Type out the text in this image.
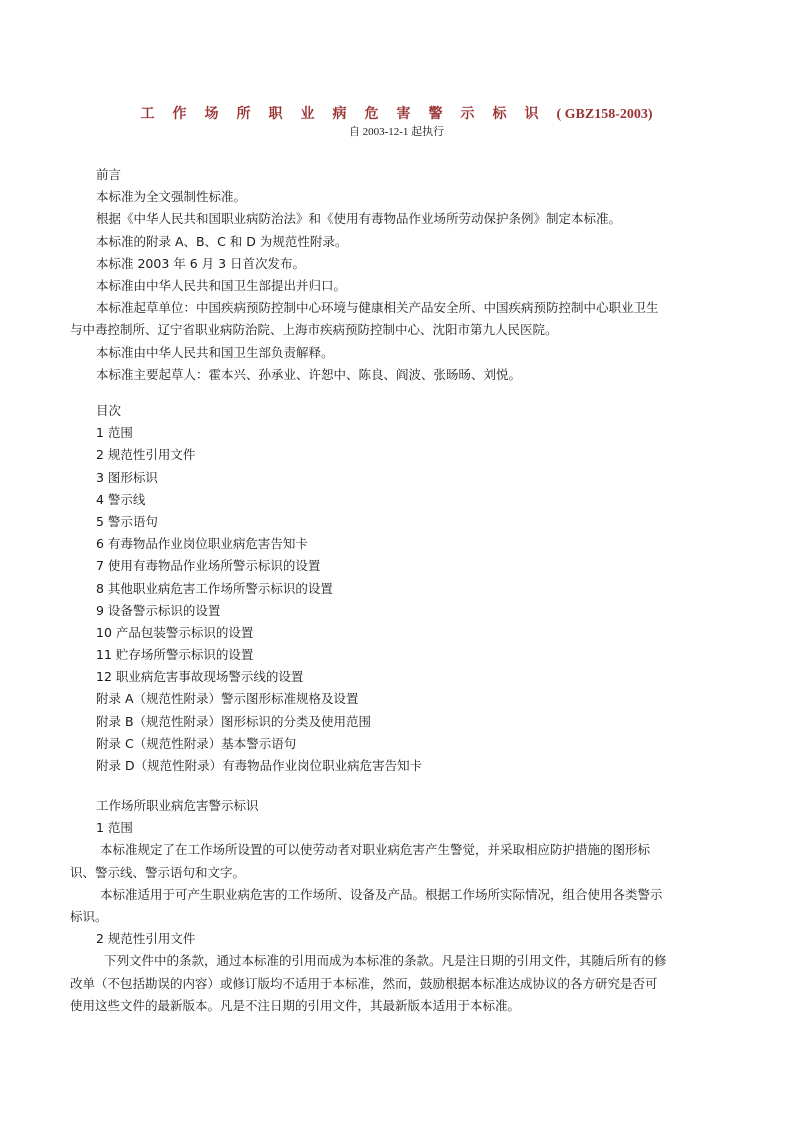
工 作 场 所 职 业 病 危 害 警 示 标 识 ( GBZ158-2003)
自 2003-12-1 起执行
前言
本标准为全文强制性标准。
根据《中华人民共和国职业病防治法》和《使用有毒物品作业场所劳动保护条例》制定本标准。
本标准的附录 A、B、C 和 D 为规范性附录。
本标准 2003 年 6 月 3 日首次发布。
本标准由中华人民共和国卫生部提出并归口。
本标准起草单位：中国疾病预防控制中心环境与健康相关产品安全所、中国疾病预防控制中心职业卫生
与中毒控制所、辽宁省职业病防治院、上海市疾病预防控制中心、沈阳市第九人民医院。
本标准由中华人民共和国卫生部负责解释。
本标准主要起草人：霍本兴、孙承业、许恕中、陈良、阎波、张旸旸、刘悦。
目次
1 范围
2 规范性引用文件
3 图形标识
4 警示线
5 警示语句
6 有毒物品作业岗位职业病危害告知卡
7 使用有毒物品作业场所警示标识的设置
8 其他职业病危害工作场所警示标识的设置
9 设备警示标识的设置
10 产品包装警示标识的设置
11 贮存场所警示标识的设置
12 职业病危害事故现场警示线的设置
附录 A（规范性附录）警示图形标准规格及设置
附录 B（规范性附录）图形标识的分类及使用范围
附录 C（规范性附录）基本警示语句
附录 D（规范性附录）有毒物品作业岗位职业病危害告知卡
工作场所职业病危害警示标识
1 范围
本标准规定了在工作场所设置的可以使劳动者对职业病危害产生警觉，并采取相应防护措施的图形标
识、警示线、警示语句和文字。
本标准适用于可产生职业病危害的工作场所、设备及产品。根据工作场所实际情况，组合使用各类警示
标识。
2 规范性引用文件
下列文件中的条款，通过本标准的引用而成为本标准的条款。凡是注日期的引用文件，其随后所有的修
改单（不包括勘误的内容）或修订版均不适用于本标准，然而，鼓励根据本标准达成协议的各方研究是否可
使用这些文件的最新版本。凡是不注日期的引用文件，其最新版本适用于本标准。
